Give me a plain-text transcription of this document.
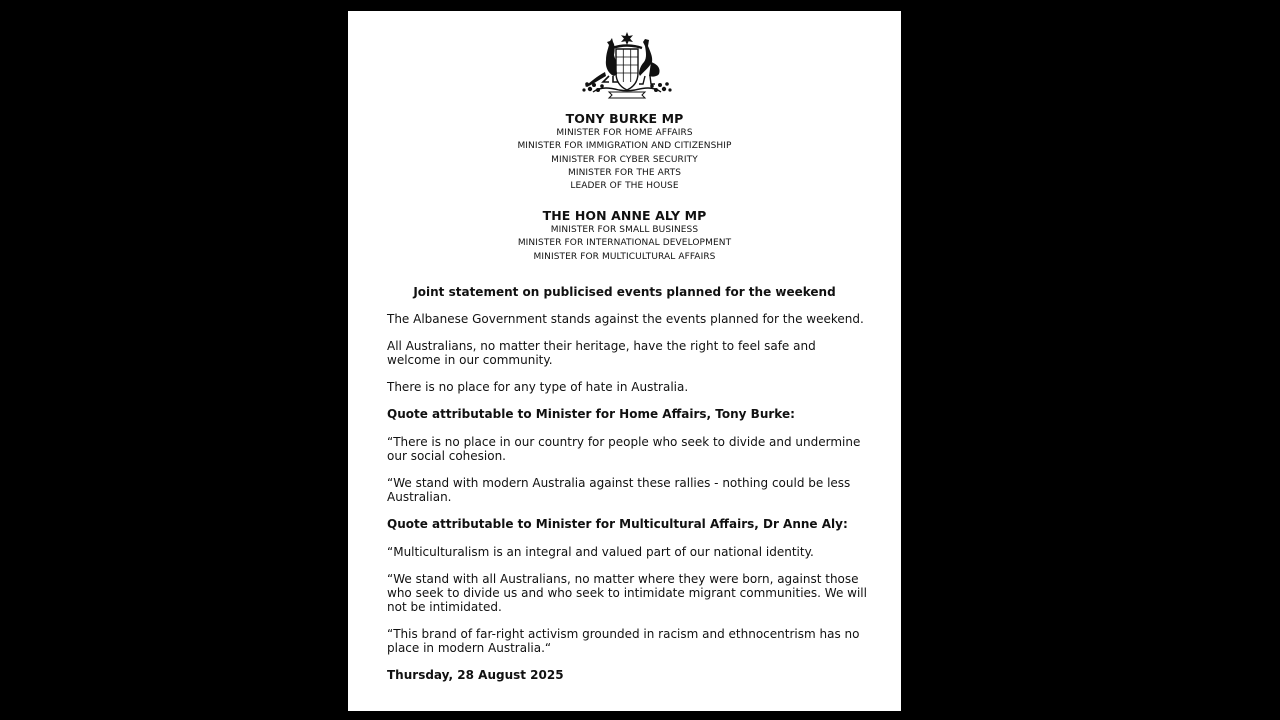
TONY BURKE MP
MINISTER FOR HOME AFFAIRS
MINISTER FOR IMMIGRATION AND CITIZENSHIP
MINISTER FOR CYBER SECURITY
MINISTER FOR THE ARTS
LEADER OF THE HOUSE
THE HON ANNE ALY MP
MINISTER FOR SMALL BUSINESS
MINISTER FOR INTERNATIONAL DEVELOPMENT
MINISTER FOR MULTICULTURAL AFFAIRS
Joint statement on publicised events planned for the weekend
The Albanese Government stands against the events planned for the weekend.
All Australians, no matter their heritage, have the right to feel safe and welcome in our community.
There is no place for any type of hate in Australia.
Quote attributable to Minister for Home Affairs, Tony Burke:
“There is no place in our country for people who seek to divide and undermine our social cohesion.
“We stand with modern Australia against these rallies - nothing could be less Australian.
Quote attributable to Minister for Multicultural Affairs, Dr Anne Aly:
“Multiculturalism is an integral and valued part of our national identity.
“We stand with all Australians, no matter where they were born, against those who seek to divide us and who seek to intimidate migrant communities. We will not be intimidated.
“This brand of far-right activism grounded in racism and ethnocentrism has no place in modern Australia.“
Thursday, 28 August 2025
